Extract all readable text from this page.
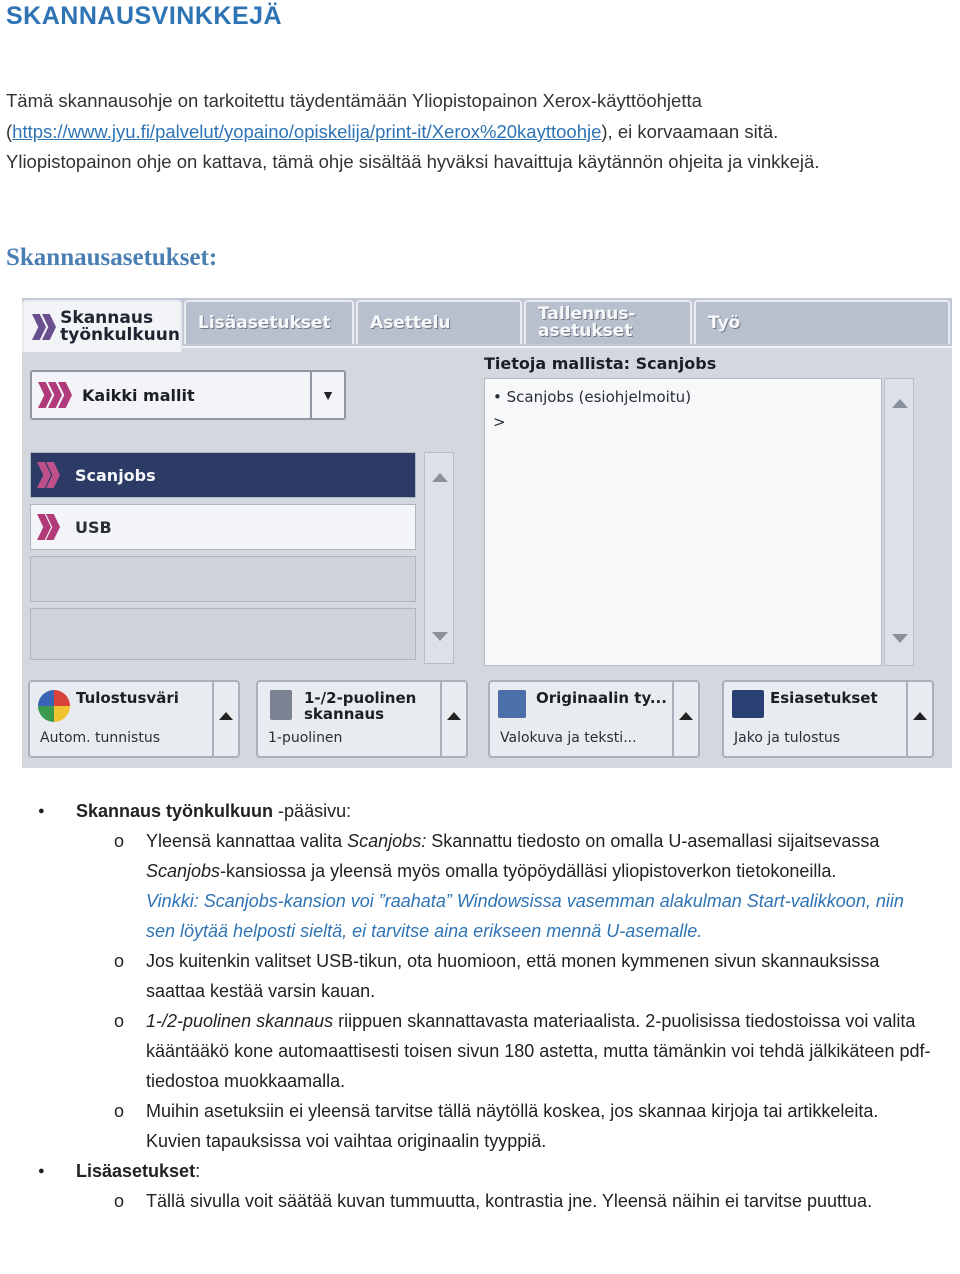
SKANNAUSVINKKEJÄ
Tämä skannausohje on tarkoitettu täydentämään Yliopistopainon Xerox-käyttöohjetta
(https://www.jyu.fi/palvelut/yopaino/opiskelija/print-it/Xerox%20kayttoohje), ei korvaamaan sitä.
Yliopistopainon ohje on kattava, tämä ohje sisältää hyväksi havaittuja käytännön ohjeita ja vinkkejä.
Skannausasetukset:
Skannaus
työnkulkuun
Lisäasetukset	Asettelu	Tallennus-
asetukset	Työ
Kaikki mallit	▼
Scanjobs
USB
Tietoja mallista: Scanjobs
• Scanjobs (esiohjelmoitu)
>
Tulostusväri
Autom. tunnistus
1-/2-puolinen skannaus
1-puolinen
Originaalin ty...
Valokuva ja teksti...
Esiasetukset
Jako ja tulostus
● Skannaus työnkulkuun -pääsivu:
o Yleensä kannattaa valita Scanjobs: Skannattu tiedosto on omalla U-asemallasi sijaitsevassa Scanjobs-kansiossa ja yleensä myös omalla työpöydälläsi yliopistoverkon tietokoneilla.
Vinkki: Scanjobs-kansion voi ”raahata” Windowsissa vasemman alakulman Start-valikkoon, niin sen löytää helposti sieltä, ei tarvitse aina erikseen mennä U-asemalle.
o Jos kuitenkin valitset USB-tikun, ota huomioon, että monen kymmenen sivun skannauksissa saattaa kestää varsin kauan.
o 1-/2-puolinen skannaus riippuen skannattavasta materiaalista. 2-puolisissa tiedostoissa voi valita kääntääkö kone automaattisesti toisen sivun 180 astetta, mutta tämänkin voi tehdä jälkikäteen pdf-tiedostoa muokkaamalla.
o Muihin asetuksiin ei yleensä tarvitse tällä näytöllä koskea, jos skannaa kirjoja tai artikkeleita. Kuvien tapauksissa voi vaihtaa originaalin tyyppiä.
● Lisäasetukset:
o Tällä sivulla voit säätää kuvan tummuutta, kontrastia jne. Yleensä näihin ei tarvitse puuttua.
